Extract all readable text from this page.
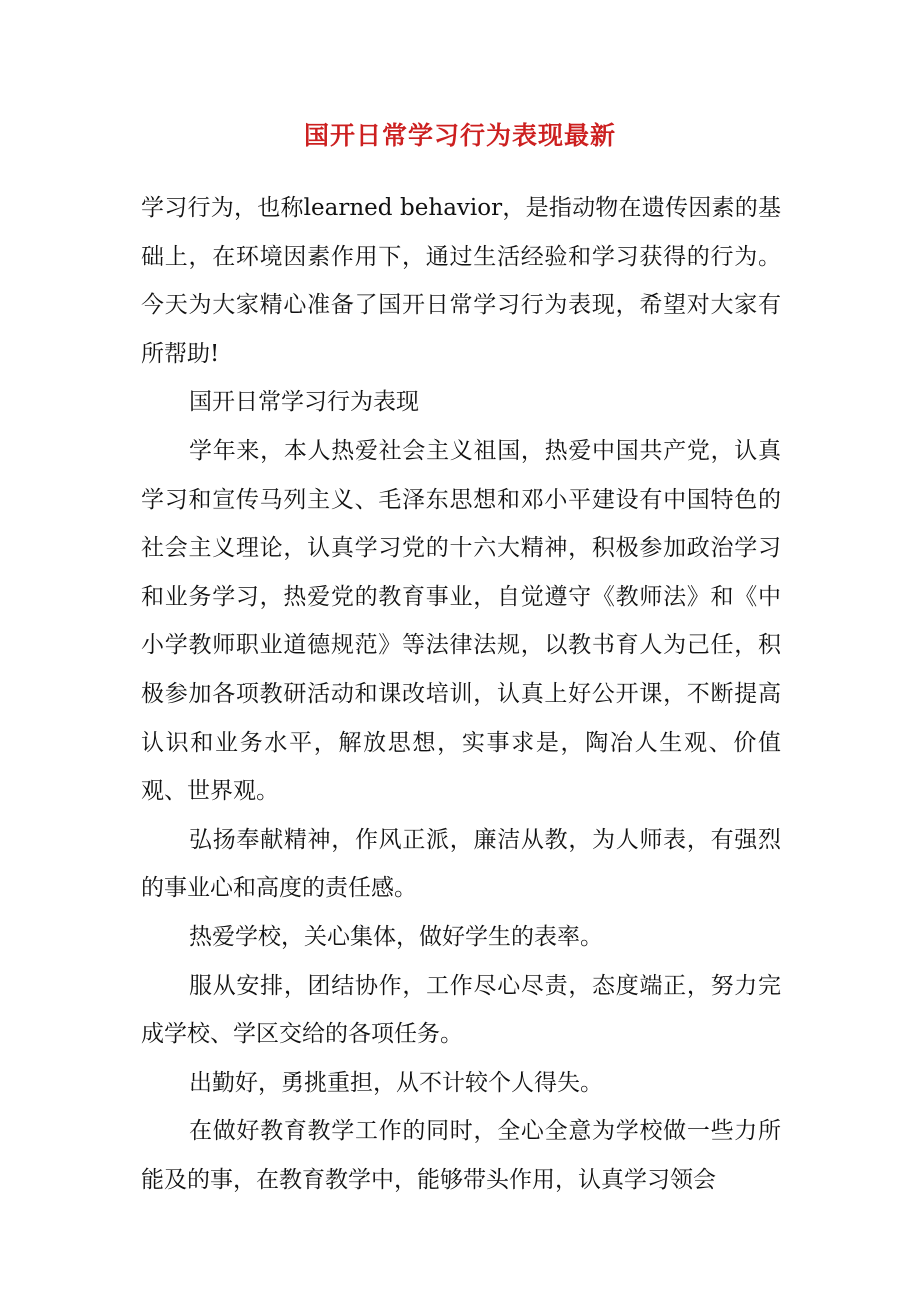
国开日常学习行为表现最新

学习行为，也称learned behavior，是指动物在遗传因素的基础上，在环境因素作用下，通过生活经验和学习获得的行为。 今天为大家精心准备了国开日常学习行为表现，希望对大家有所帮助!

国开日常学习行为表现

学年来，本人热爱社会主义祖国，热爱中国共产党，认真学习和宣传马列主义、毛泽东思想和邓小平建设有中国特色的社会主义理论，认真学习党的十六大精神，积极参加政治学习和业务学习，热爱党的教育事业，自觉遵守《教师法》和《中小学教师职业道德规范》等法律法规，以教书育人为己任，积极参加各项教研活动和课改培训，认真上好公开课，不断提高认识和业务水平，解放思想，实事求是，陶冶人生观、价值观、世界观。

弘扬奉献精神，作风正派，廉洁从教，为人师表，有强烈的事业心和高度的责任感。

热爱学校，关心集体，做好学生的表率。

服从安排，团结协作，工作尽心尽责，态度端正，努力完成学校、学区交给的各项任务。

出勤好，勇挑重担，从不计较个人得失。

在做好教育教学工作的同时，全心全意为学校做一些力所能及的事，在教育教学中，能够带头作用，认真学习领会
